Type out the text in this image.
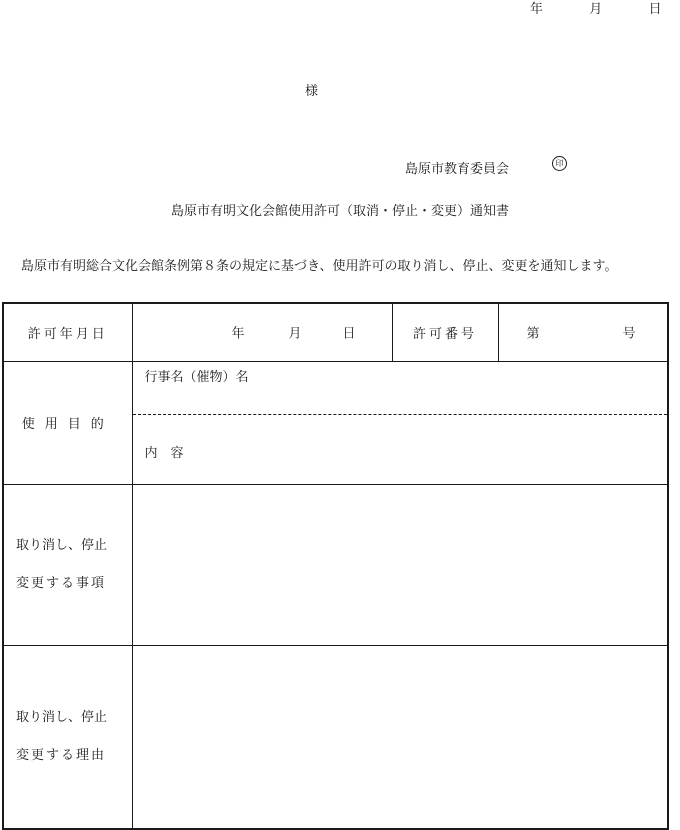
年	月	日
様
島原市教育委員会	印
島原市有明文化会館使用許可（取消・停止・変更）通知書
島原市有明総合文化会館条例第８条の規定に基づき、使用許可の取り消し、停止、変更を通知します。
許可年月日	年 月 日	許可番号	第 号

使用目的	行事名（催物）名
内　容		

取り消し、停止
変更する事項			

取り消し、停止
変更する理由			
